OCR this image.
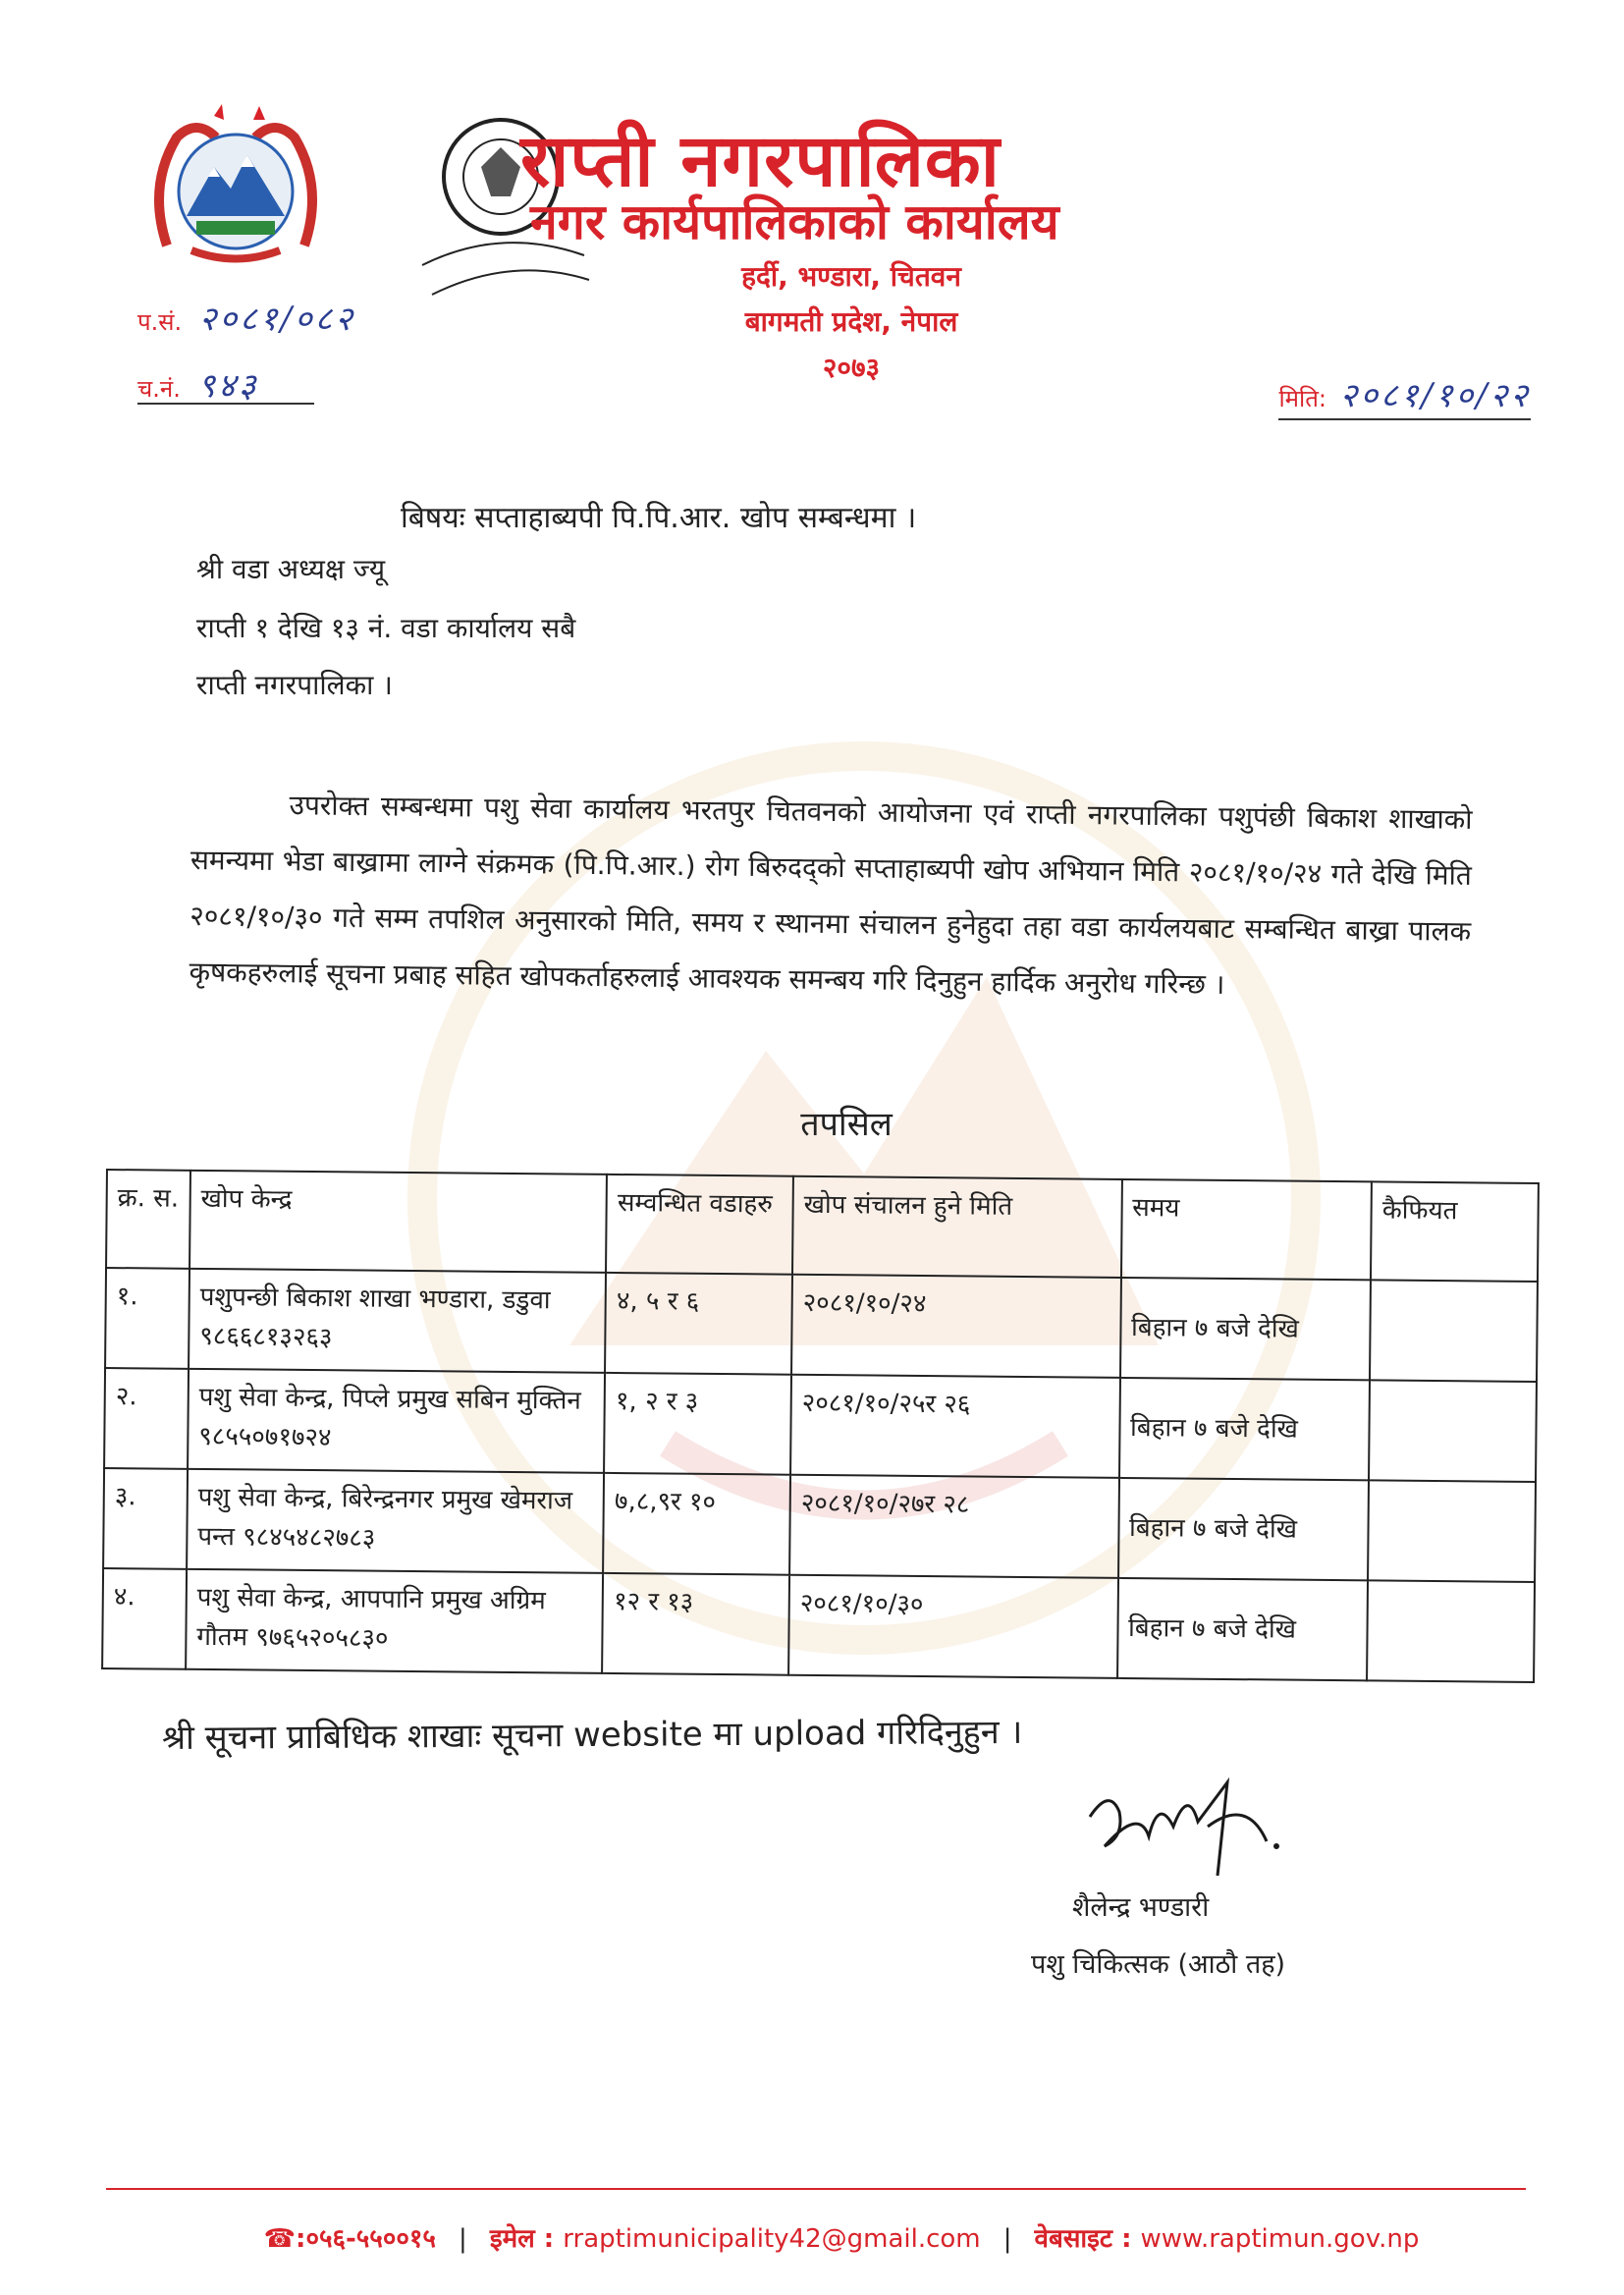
राप्ती नगरपालिका
नगर कार्यपालिकाको कार्यालय
हर्दी, भण्डारा, चितवन
बागमती प्रदेश, नेपाल
२०७३
प.सं. २०८१/०८२
च.नं. ९४३	मिति: २०८१/१०/२२
बिषयः सप्ताहाब्यपी पि.पि.आर. खोप सम्बन्धमा ।
श्री वडा अध्यक्ष ज्यू
राप्ती १ देखि १३ नं. वडा कार्यालय सबै
राप्ती नगरपालिका ।
उपरोक्त सम्बन्धमा पशु सेवा कार्यालय भरतपुर चितवनको आयोजना एवं राप्ती नगरपालिका पशुपंछी बिकाश शाखाको समन्यमा भेडा बाख्रामा लाग्ने संक्रमक (पि.पि.आर.) रोग बिरुदद्को सप्ताहाब्यपी खोप अभियान मिति २०८१/१०/२४ गते देखि मिति २०८१/१०/३० गते सम्म तपशिल अनुसारको मिति, समय र स्थानमा संचालन हुनेहुदा तहा वडा कार्यलयबाट सम्बन्धित बाख्रा पालक कृषकहरुलाई सूचना प्रबाह सहित खोपकर्ताहरुलाई आवश्यक समन्बय गरि दिनुहुन हार्दिक अनुरोध गरिन्छ ।
तपसिल
क्र. स.	खोप केन्द्र	सम्वन्धित वडाहरु	खोप संचालन हुने मिति	समय	कैफियत
१.	पशुपन्छी बिकाश शाखा भण्डारा, डडुवा ९८६६८१३२६३	४, ५ र ६	२०८१/१०/२४	बिहान ७ बजे देखि	
२.	पशु सेवा केन्द्र, पिप्ले प्रमुख सबिन मुक्तिन ९८५५०७१७२४	१, २ र ३	२०८१/१०/२५र २६	बिहान ७ बजे देखि	
३.	पशु सेवा केन्द्र, बिरेन्द्रनगर प्रमुख खेमराज पन्त ९८४५४८२७८३	७,८,९र १०	२०८१/१०/२७र २८	बिहान ७ बजे देखि	
४.	पशु सेवा केन्द्र, आपपानि प्रमुख अग्रिम गौतम ९७६५२०५८३०	१२ र १३	२०८१/१०/३०	बिहान ७ बजे देखि	
श्री सूचना प्राबिधिक शाखाः सूचना website मा upload गरिदिनुहुन ।
शैलेन्द्र भण्डारी
पशु चिकित्सक (आठौ तह)
☎:०५६-५५००१५ | इमेल : rraptimunicipality42@gmail.com | वेबसाइट : www.raptimun.gov.np
